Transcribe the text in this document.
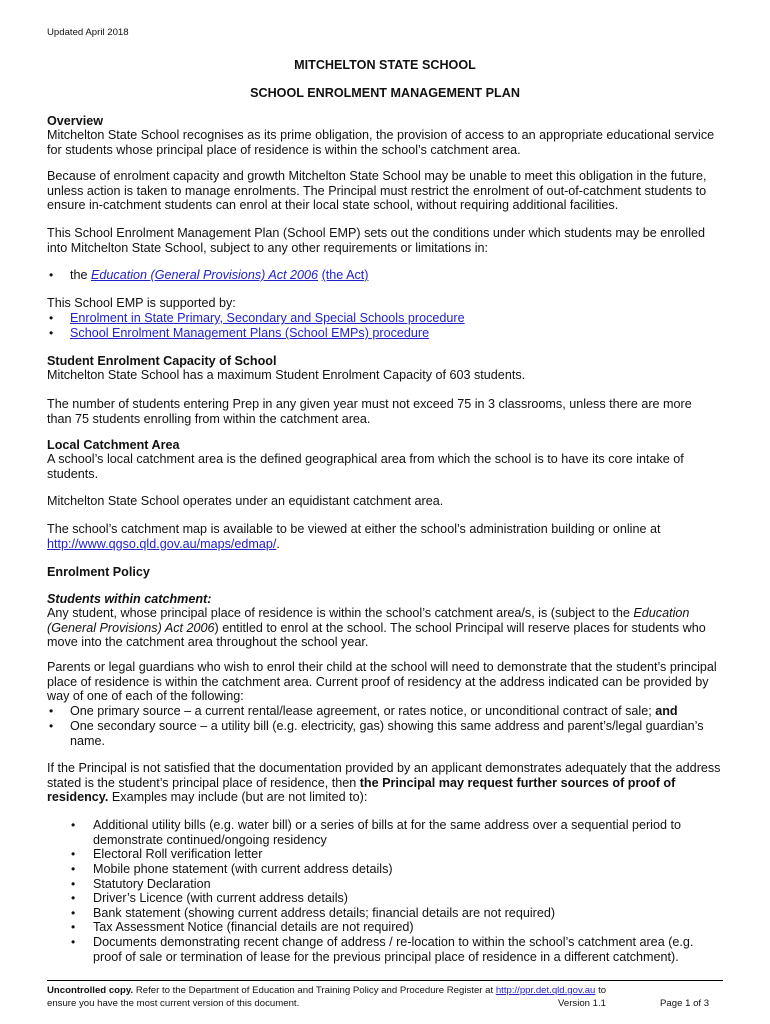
Updated April 2018
MITCHELTON STATE SCHOOL
SCHOOL ENROLMENT MANAGEMENT PLAN
Overview
Mitchelton State School recognises as its prime obligation, the provision of access to an appropriate educational service
for students whose principal place of residence is within the school’s catchment area.
Because of enrolment capacity and growth Mitchelton State School may be unable to meet this obligation in the future,
unless action is taken to manage enrolments. The Principal must restrict the enrolment of out-of-catchment students to
ensure in-catchment students can enrol at their local state school, without requiring additional facilities.
This School Enrolment Management Plan (School EMP) sets out the conditions under which students may be enrolled
into Mitchelton State School, subject to any other requirements or limitations in:
• the Education (General Provisions) Act 2006 (the Act)
This School EMP is supported by:
• Enrolment in State Primary, Secondary and Special Schools procedure
• School Enrolment Management Plans (School EMPs) procedure
Student Enrolment Capacity of School
Mitchelton State School has a maximum Student Enrolment Capacity of 603 students.
The number of students entering Prep in any given year must not exceed 75 in 3 classrooms, unless there are more
than 75 students enrolling from within the catchment area.
Local Catchment Area
A school’s local catchment area is the defined geographical area from which the school is to have its core intake of
students.
Mitchelton State School operates under an equidistant catchment area.
The school’s catchment map is available to be viewed at either the school’s administration building or online at
http://www.qgso.qld.gov.au/maps/edmap/.
Enrolment Policy
Students within catchment:
Any student, whose principal place of residence is within the school’s catchment area/s, is (subject to the Education
(General Provisions) Act 2006) entitled to enrol at the school. The school Principal will reserve places for students who
move into the catchment area throughout the school year.
Parents or legal guardians who wish to enrol their child at the school will need to demonstrate that the student’s principal
place of residence is within the catchment area. Current proof of residency at the address indicated can be provided by
way of one of each of the following:
• One primary source – a current rental/lease agreement, or rates notice, or unconditional contract of sale; and
• One secondary source – a utility bill (e.g. electricity, gas) showing this same address and parent’s/legal guardian’s
name.
If the Principal is not satisfied that the documentation provided by an applicant demonstrates adequately that the address
stated is the student’s principal place of residence, then the Principal may request further sources of proof of
residency. Examples may include (but are not limited to):
• Additional utility bills (e.g. water bill) or a series of bills at for the same address over a sequential period to
demonstrate continued/ongoing residency
• Electoral Roll verification letter
• Mobile phone statement (with current address details)
• Statutory Declaration
• Driver’s Licence (with current address details)
• Bank statement (showing current address details; financial details are not required)
• Tax Assessment Notice (financial details are not required)
• Documents demonstrating recent change of address / re-location to within the school’s catchment area (e.g.
proof of sale or termination of lease for the previous principal place of residence in a different catchment).
Uncontrolled copy. Refer to the Department of Education and Training Policy and Procedure Register at http://ppr.det.qld.gov.au to
ensure you have the most current version of this document.	Version 1.1	Page 1 of 3
